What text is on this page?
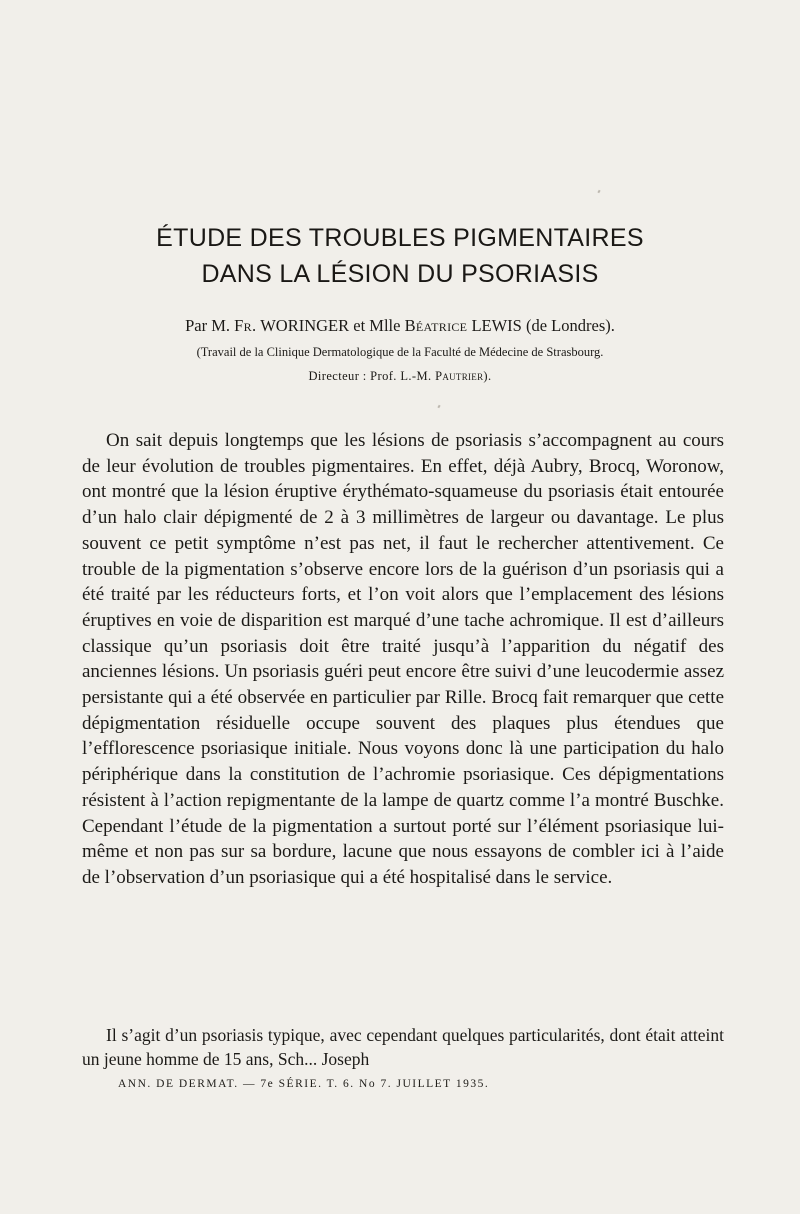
ÉTUDE DES TROUBLES PIGMENTAIRES
DANS LA LÉSION DU PSORIASIS
Par M. Fr. WORINGER et Mlle Béatrice LEWIS (de Londres).
(Travail de la Clinique Dermatologique de la Faculté de Médecine de Strasbourg.
Directeur : Prof. L.-M. Pautrier).

On sait depuis longtemps que les lésions de psoriasis s’accompagnent au cours de leur évolution de troubles pigmentaires. En effet, déjà Aubry, Brocq, Woronow, ont montré que la lésion éruptive érythémato-squameuse du psoriasis était entourée d’un halo clair dépigmenté de 2 à 3 millimètres de largeur ou davantage. Le plus souvent ce petit symptôme n’est pas net, il faut le rechercher attentivement. Ce trouble de la pigmentation s’observe encore lors de la guérison d’un psoriasis qui a été traité par les réducteurs forts, et l’on voit alors que l’emplacement des lésions éruptives en voie de disparition est marqué d’une tache achromique. Il est d’ailleurs classique qu’un psoriasis doit être traité jusqu’à l’apparition du négatif des anciennes lésions. Un psoriasis guéri peut encore être suivi d’une leucodermie assez persistante qui a été observée en particulier par Rille. Brocq fait remarquer que cette dépigmentation résiduelle occupe souvent des plaques plus étendues que l’efflorescence psoriasique initiale. Nous voyons donc là une participation du halo périphérique dans la constitution de l’achromie psoriasique. Ces dépigmentations résistent à l’action repigmentante de la lampe de quartz comme l’a montré Buschke. Cependant l’étude de la pigmentation a surtout porté sur l’élément psoriasique lui-même et non pas sur sa bordure, lacune que nous essayons de combler ici à l’aide de l’observation d’un psoriasique qui a été hospitalisé dans le service.

Il s’agit d’un psoriasis typique, avec cependant quelques particularités, dont était atteint un jeune homme de 15 ans, Sch... Joseph

ANN. DE DERMAT. — 7e SÉRIE. T. 6. No 7. JUILLET 1935.
